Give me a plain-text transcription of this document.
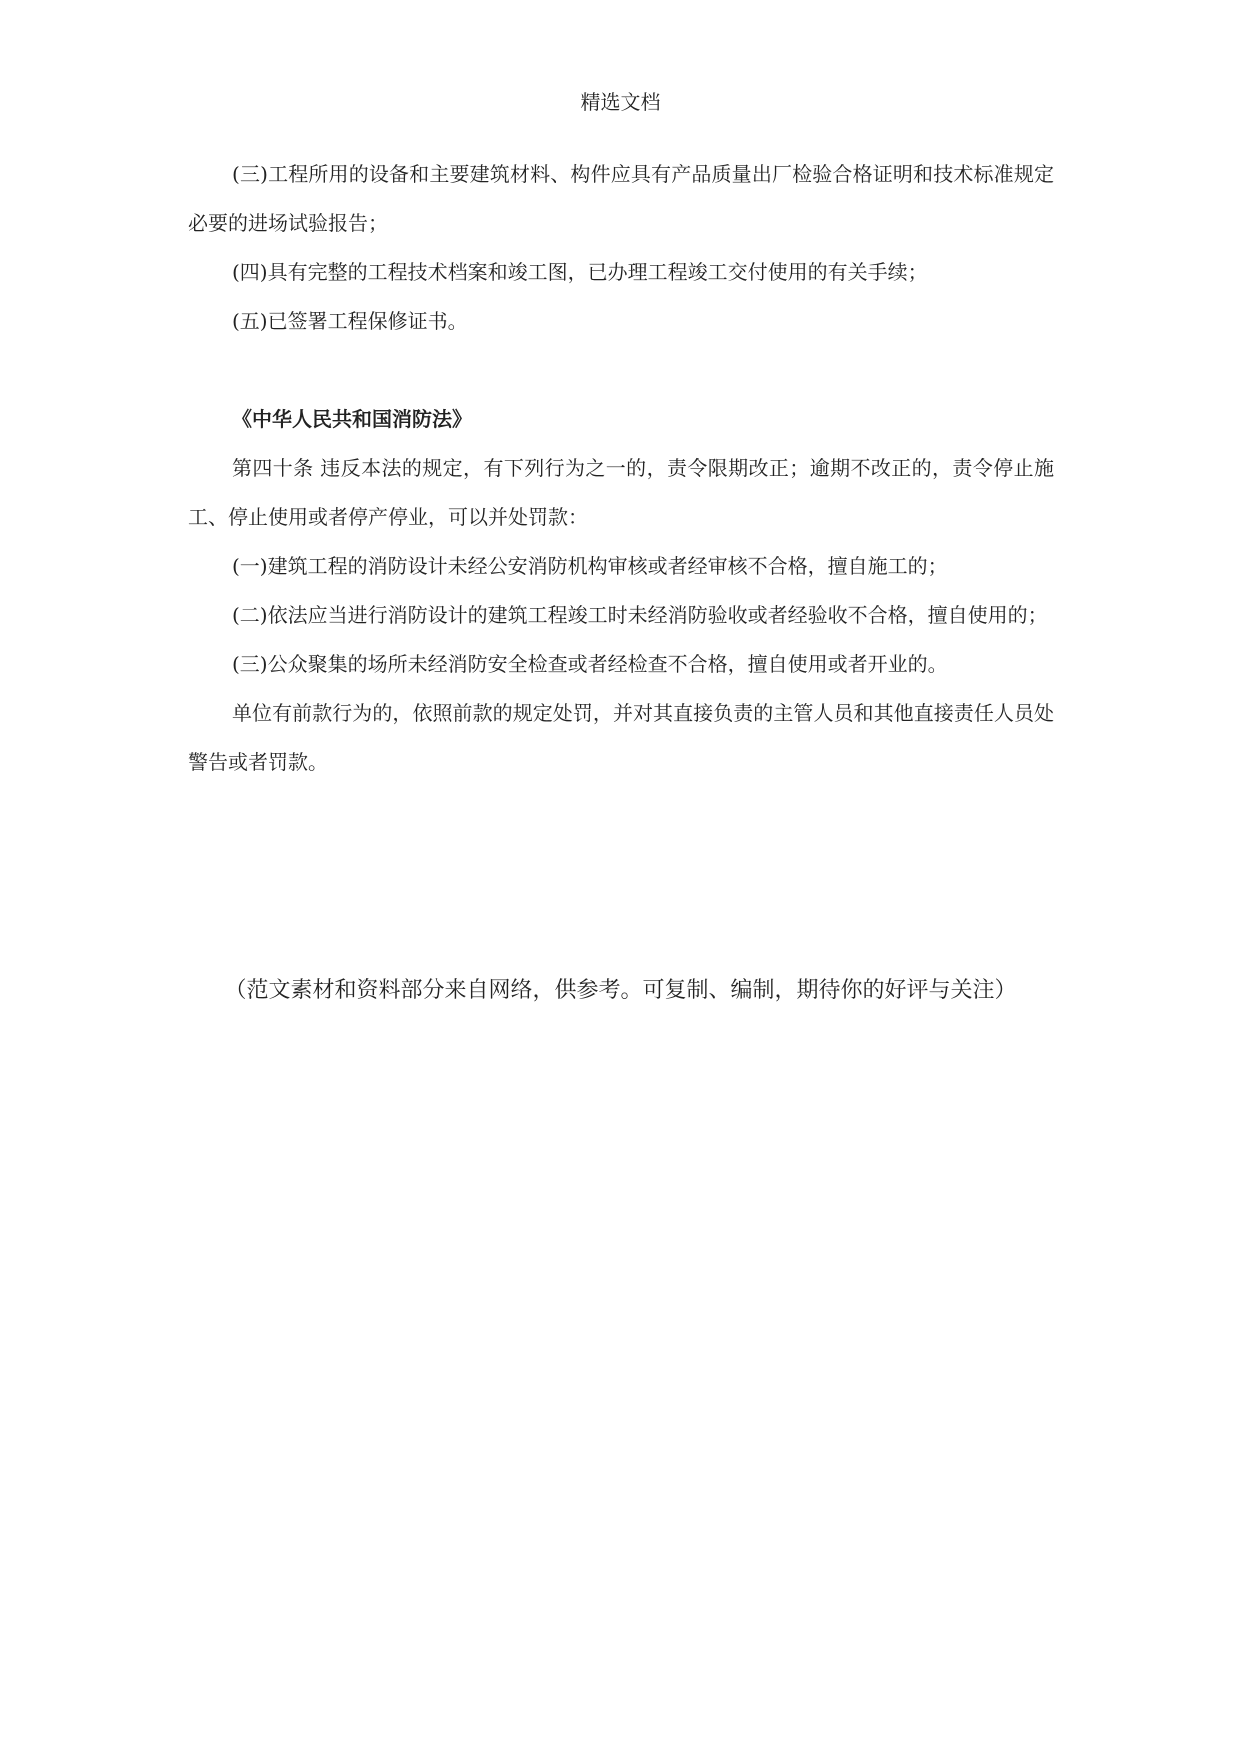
精选文档

(三)工程所用的设备和主要建筑材料、构件应具有产品质量出厂检验合格证明和技术标准规定必要的进场试验报告；

(四)具有完整的工程技术档案和竣工图，已办理工程竣工交付使用的有关手续；

(五)已签署工程保修证书。

《中华人民共和国消防法》

第四十条 违反本法的规定，有下列行为之一的，责令限期改正；逾期不改正的，责令停止施工、停止使用或者停产停业，可以并处罚款：

(一)建筑工程的消防设计未经公安消防机构审核或者经审核不合格，擅自施工的；

(二)依法应当进行消防设计的建筑工程竣工时未经消防验收或者经验收不合格，擅自使用的；

(三)公众聚集的场所未经消防安全检查或者经检查不合格，擅自使用或者开业的。

单位有前款行为的，依照前款的规定处罚，并对其直接负责的主管人员和其他直接责任人员处警告或者罚款。

（范文素材和资料部分来自网络，供参考。可复制、编制，期待你的好评与关注）
